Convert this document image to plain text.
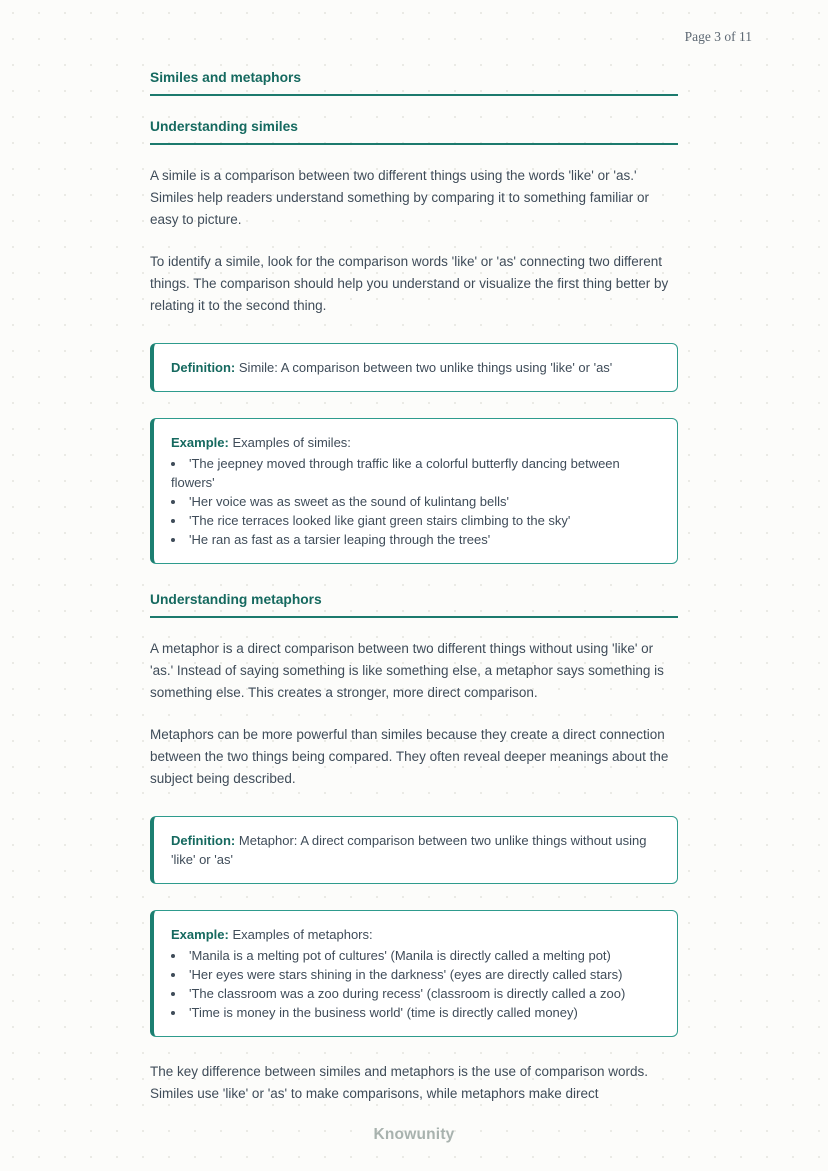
Page 3 of 11
Similes and metaphors
Understanding similes

A simile is a comparison between two different things using the words 'like' or 'as.' Similes help readers understand something by comparing it to something familiar or easy to picture.

To identify a simile, look for the comparison words 'like' or 'as' connecting two different things. The comparison should help you understand or visualize the first thing better by relating it to the second thing.

Definition: Simile: A comparison between two unlike things using 'like' or 'as'

Example: Examples of similes:

• 'The jeepney moved through traffic like a colorful butterfly dancing between flowers'
• 'Her voice was as sweet as the sound of kulintang bells'
• 'The rice terraces looked like giant green stairs climbing to the sky'
• 'He ran as fast as a tarsier leaping through the trees'
Understanding metaphors

A metaphor is a direct comparison between two different things without using 'like' or 'as.' Instead of saying something is like something else, a metaphor says something is something else. This creates a stronger, more direct comparison.

Metaphors can be more powerful than similes because they create a direct connection between the two things being compared. They often reveal deeper meanings about the subject being described.

Definition: Metaphor: A direct comparison between two unlike things without using 'like' or 'as'

Example: Examples of metaphors:

• 'Manila is a melting pot of cultures' (Manila is directly called a melting pot)
• 'Her eyes were stars shining in the darkness' (eyes are directly called stars)
• 'The classroom was a zoo during recess' (classroom is directly called a zoo)
• 'Time is money in the business world' (time is directly called money)

The key difference between similes and metaphors is the use of comparison words. Similes use 'like' or 'as' to make comparisons, while metaphors make direct

Knowunity
